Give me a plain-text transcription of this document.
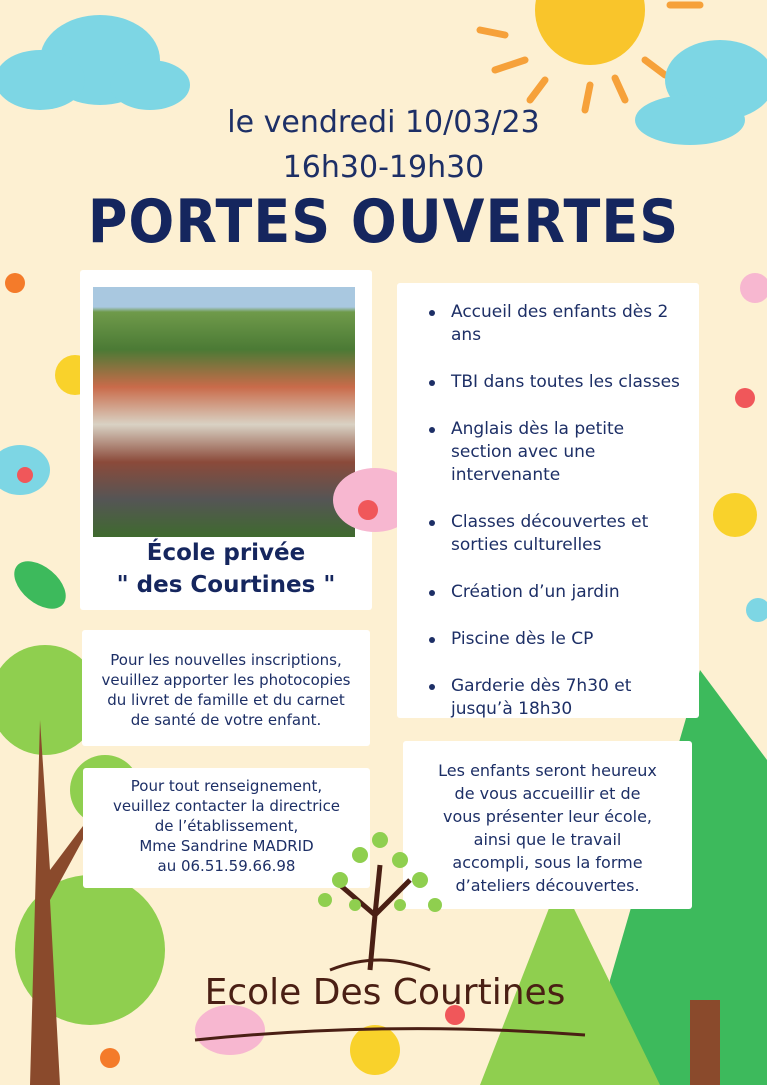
le vendredi 10/03/23
16h30-19h30
PORTES OUVERTES
École privée
" des Courtines "
Accueil des enfants dès 2 ans
TBI dans toutes les classes
Anglais dès la petite section avec une intervenante
Classes découvertes et sorties culturelles
Création d’un jardin
Piscine dès le CP
Garderie dès 7h30 et jusqu’à 18h30
Pour les nouvelles inscriptions,
veuillez apporter les photocopies
du livret de famille et du carnet
de santé de votre enfant.
Pour tout renseignement,
veuillez contacter la directrice
de l’établissement,
Mme Sandrine MADRID
au 06.51.59.66.98
Les enfants seront heureux
de vous accueillir et de
vous présenter leur école,
ainsi que le travail
accompli, sous la forme
d’ateliers découvertes.
Ecole Des Courtines
